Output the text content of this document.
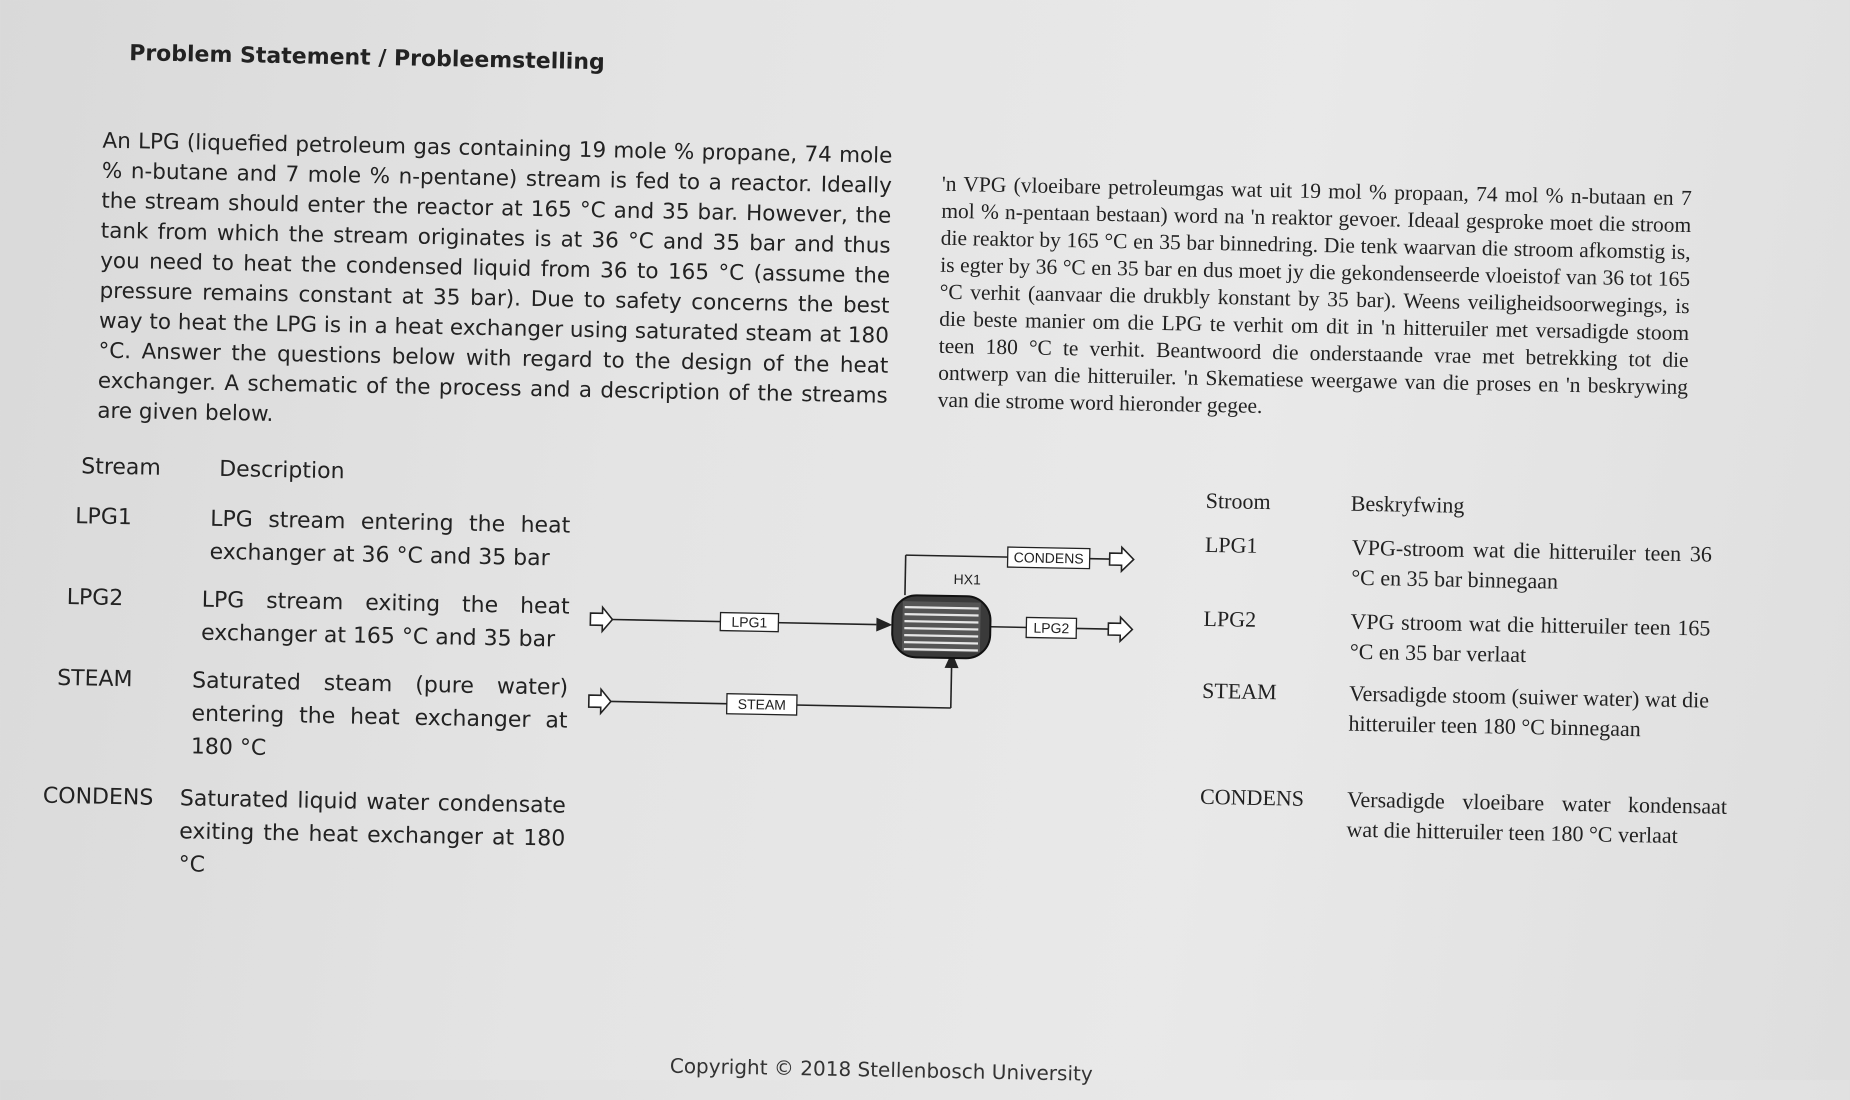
Problem Statement / Probleemstelling
An LPG (liquefied petroleum gas containing 19 mole % propane, 74 mole % n-butane and 7 mole % n-pentane) stream is fed to a reactor. Ideally the stream should enter the reactor at 165 °C and 35 bar. However, the tank from which the stream originates is at 36 °C and 35 bar and thus you need to heat the condensed liquid from 36 to 165 °C (assume the pressure remains constant at 35 bar). Due to safety concerns the best way to heat the LPG is in a heat exchanger using saturated steam at 180 °C. Answer the questions below with regard to the design of the heat exchanger. A schematic of the process and a description of the streams are given below.
'n VPG (vloeibare petroleumgas wat uit 19 mol % propaan, 74 mol % n-butaan en 7 mol % n-pentaan bestaan) word na 'n reaktor gevoer. Ideaal gesproke moet die stroom die reaktor by 165 °C en 35 bar binnedring. Die tenk waarvan die stroom afkomstig is, is egter by 36 °C en 35 bar en dus moet jy die gekondenseerde vloeistof van 36 tot 165 °C verhit (aanvaar die drukbly konstant by 35 bar). Weens veiligheidsoorwegings, is die beste manier om die LPG te verhit om dit in 'n hitteruiler met versadigde stoom teen 180 °C te verhit. Beantwoord die onderstaande vrae met betrekking tot die ontwerp van die hitteruiler. 'n Skematiese weergawe van die proses en 'n beskrywing van die strome word hieronder gegee.
Stream	Description
LPG1	LPG stream entering the heat exchanger at 36 °C and 35 bar
LPG2	LPG stream exiting the heat exchanger at 165 °C and 35 bar
STEAM	Saturated steam (pure water) entering the heat exchanger at 180 °C
CONDENS Saturated liquid water condensate exiting the heat exchanger at 180 °C
Stroom	Beskryfwing
LPG1	VPG-stroom wat die hitteruiler teen 36 °C en 35 bar binnegaan
LPG2	VPG stroom wat die hitteruiler teen 165 °C en 35 bar verlaat
STEAM	Versadigde stoom (suiwer water) wat die hitteruiler teen 180 °C binnegaan
CONDENS Versadigde vloeibare water kondensaat wat die hitteruiler teen 180 °C verlaat
LPG1
STEAM
CONDENS
LPG2
HX1
Copyright © 2018 Stellenbosch University
